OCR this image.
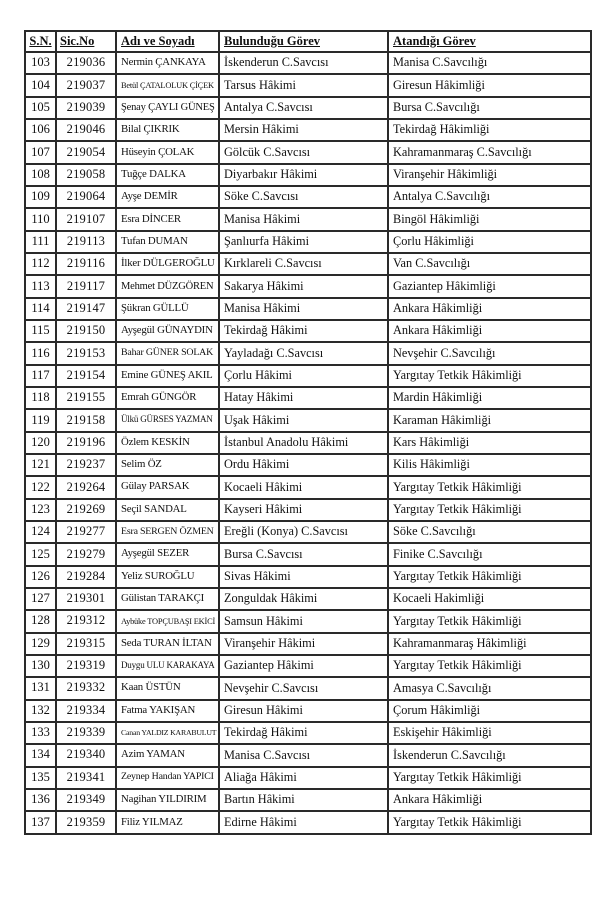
S.N.	Sic.No	Adı ve Soyadı	Bulunduğu Görev	Atandığı Görev
103	219036	Nermin ÇANKAYA	İskenderun C.Savcısı	Manisa C.Savcılığı
104	219037	Betül ÇATALOLUK ÇİÇEK	Tarsus Hâkimi	Giresun Hâkimliği
105	219039	Şenay ÇAYLI GÜNEŞ	Antalya C.Savcısı	Bursa C.Savcılığı
106	219046	Bilal ÇIKRIK	Mersin Hâkimi	Tekirdağ Hâkimliği
107	219054	Hüseyin ÇOLAK	Gölcük C.Savcısı	Kahramanmaraş C.Savcılığı
108	219058	Tuğçe DALKA	Diyarbakır Hâkimi	Viranşehir Hâkimliği
109	219064	Ayşe DEMİR	Söke C.Savcısı	Antalya C.Savcılığı
110	219107	Esra DİNCER	Manisa Hâkimi	Bingöl Hâkimliği
111	219113	Tufan DUMAN	Şanlıurfa Hâkimi	Çorlu Hâkimliği
112	219116	İlker DÜLGEROĞLU	Kırklareli C.Savcısı	Van C.Savcılığı
113	219117	Mehmet DÜZGÖREN	Sakarya Hâkimi	Gaziantep Hâkimliği
114	219147	Şükran GÜLLÜ	Manisa Hâkimi	Ankara Hâkimliği
115	219150	Ayşegül GÜNAYDIN	Tekirdağ Hâkimi	Ankara Hâkimliği
116	219153	Bahar GÜNER SOLAK	Yayladağı C.Savcısı	Nevşehir C.Savcılığı
117	219154	Emine GÜNEŞ AKIL	Çorlu Hâkimi	Yargıtay Tetkik Hâkimliği
118	219155	Emrah GÜNGÖR	Hatay Hâkimi	Mardin Hâkimliği
119	219158	Ülkü GÜRSES YAZMAN	Uşak Hâkimi	Karaman Hâkimliği
120	219196	Özlem KESKİN	İstanbul Anadolu Hâkimi	Kars Hâkimliği
121	219237	Selim ÖZ	Ordu Hâkimi	Kilis Hâkimliği
122	219264	Gülay PARSAK	Kocaeli Hâkimi	Yargıtay Tetkik Hâkimliği
123	219269	Seçil SANDAL	Kayseri Hâkimi	Yargıtay Tetkik Hâkimliği
124	219277	Esra SERGEN ÖZMEN	Ereğli (Konya) C.Savcısı	Söke C.Savcılığı
125	219279	Ayşegül SEZER	Bursa C.Savcısı	Finike C.Savcılığı
126	219284	Yeliz SUROĞLU	Sivas Hâkimi	Yargıtay Tetkik Hâkimliği
127	219301	Gülistan TARAKÇI	Zonguldak Hâkimi	Kocaeli Hakimliği
128	219312	Aybüke TOPÇUBAŞI EKİCİ	Samsun Hâkimi	Yargıtay Tetkik Hâkimliği
129	219315	Seda TURAN İLTAN	Viranşehir Hâkimi	Kahramanmaraş Hâkimliği
130	219319	Duygu ULU KARAKAYA	Gaziantep Hâkimi	Yargıtay Tetkik Hâkimliği
131	219332	Kaan ÜSTÜN	Nevşehir C.Savcısı	Amasya C.Savcılığı
132	219334	Fatma YAKIŞAN	Giresun Hâkimi	Çorum Hâkimliği
133	219339	Canan YALDIZ KARABULUT	Tekirdağ Hâkimi	Eskişehir Hâkimliği
134	219340	Azim YAMAN	Manisa C.Savcısı	İskenderun C.Savcılığı
135	219341	Zeynep Handan YAPICI	Aliağa Hâkimi	Yargıtay Tetkik Hâkimliği
136	219349	Nagihan YILDIRIM	Bartın Hâkimi	Ankara Hâkimliği
137	219359	Filiz YILMAZ	Edirne Hâkimi	Yargıtay Tetkik Hâkimliği
